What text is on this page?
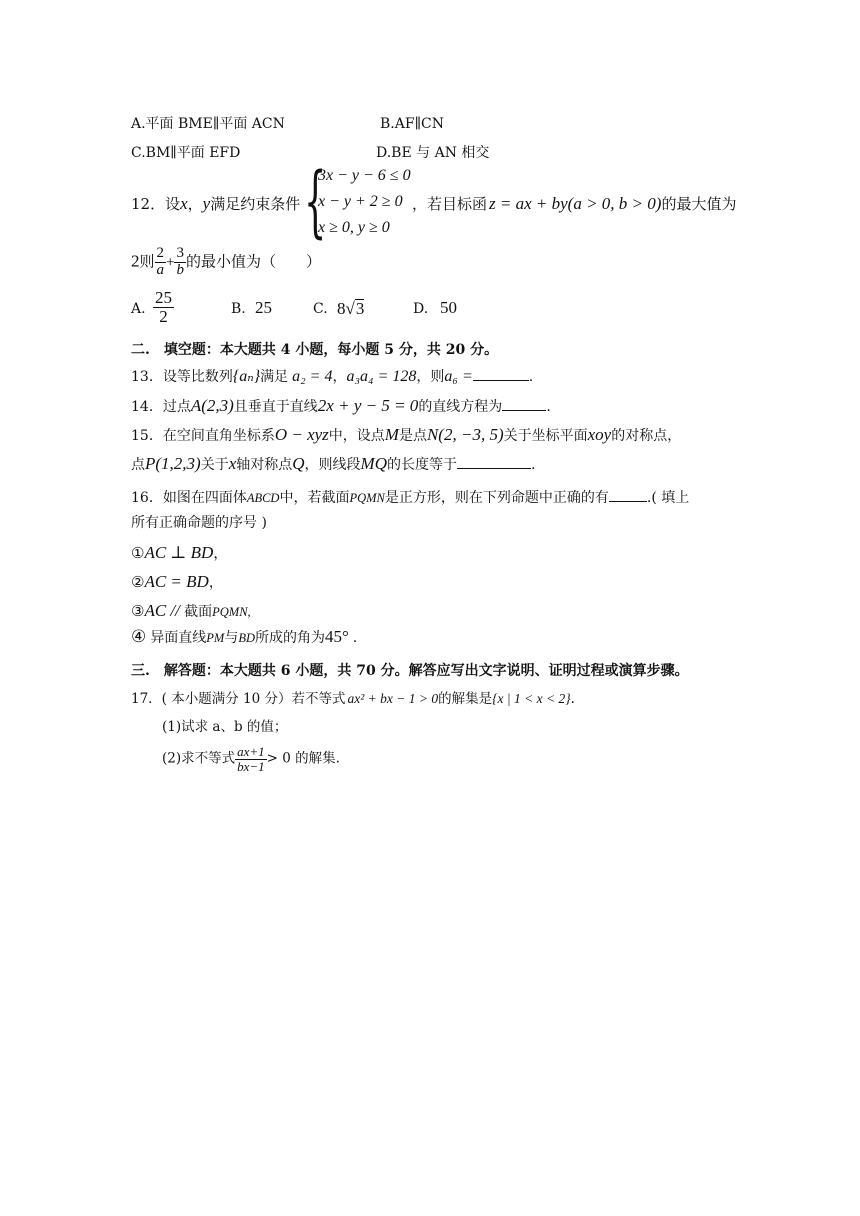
A.平面 BME∥平面 ACN	B.AF∥CN
C.BM∥平面 EFD	D.BE 与 AN 相交
12．设x，y满足约束条件 {
3x − y − 6 ≤ 0
x − y + 2 ≥ 0
x ≥ 0, y ≥ 0
，若目标函 z = ax + by(a > 0, b > 0)的最大值为
2则 $\frac{2}{a} + \frac{3}{b}$ 的最小值为（　　）
A. $\frac{25}{2}$	B. 25	C. 8√3	D. 50
二.　填空题：本大题共 4 小题，每小题 5 分，共 20 分。
13．设等比数列{aₙ}满足 a₂ = 4，a₃a₄ = 128，则a₆ =	.
14．过点A(2,3)且垂直于直线2x + y − 5 = 0的直线方程为	.
15．在空间直角坐标系O − xyz中，设点M是点N(2, −3, 5)关于坐标平面xoy的对称点，
点P(1,2,3)关于x轴对称点Q，则线段MQ的长度等于	.
16．如图在四面体ABCD中，若截面PQMN是正方形，则在下列命题中正确的有	.( 填上
所有正确命题的序号 )
①AC ⊥ BD，
②AC = BD，
③AC // 截面PQMN,
④ 异面直线PM与BD所成的角为45° .
三.　解答题：本大题共 6 小题，共 70 分。解答应写出文字说明、证明过程或演算步骤。
17．( 本小题满分 10 分）若不等式 ax² + bx − 1 > 0的解集是{x | 1 < x < 2}.
(1)试求 a、b 的值；
(2)求不等式 $\frac{ax+1}{bx-1} > 0$ 的解集.
